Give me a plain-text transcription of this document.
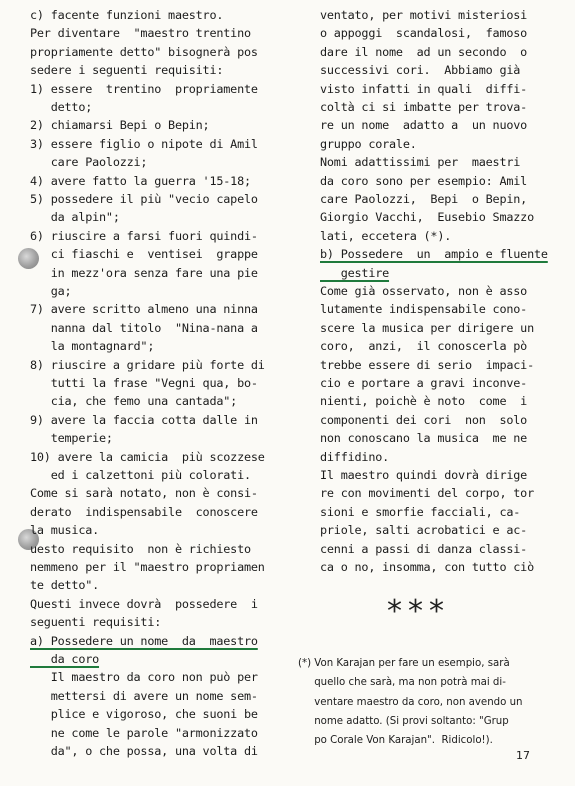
c) facente funzioni maestro.
Per diventare  "maestro trentino
propriamente detto" bisognerà pos
sedere i seguenti requisiti:
1) essere  trentino  propriamente
detto;
2) chiamarsi Bepi o Bepin;
3) essere figlio o nipote di Amil
care Paolozzi;
4) avere fatto la guerra '15-18;
5) possedere il più "vecio capelo
da alpin";
6) riuscire a farsi fuori quindi-
ci fiaschi e  ventisei  grappe
in mezz'ora senza fare una pie
ga;
7) avere scritto almeno una ninna
nanna dal titolo  "Nina-nana a
la montagnard";
8) riuscire a gridare più forte di
tutti la frase "Vegni qua, bo-
cia, che femo una cantada";
9) avere la faccia cotta dalle in
temperie;
10) avere la camicia  più scozzese
ed i calzettoni più colorati.
Come si sarà notato, non è consi-
derato  indispensabile  conoscere
la musica.
uesto requisito  non è richiesto
nemmeno per il "maestro propriamen
te detto".
Questi invece dovrà  possedere  i
seguenti requisiti:
a) Possedere un nome  da  maestro
da coro
Il maestro da coro non può per
mettersi di avere un nome sem-
plice e vigoroso, che suoni be
ne come le parole "armonizzato
da", o che possa, una volta di
ventato, per motivi misteriosi
o appoggi  scandalosi,  famoso
dare il nome  ad un secondo  o
successivi cori.  Abbiamo già
visto infatti in quali  diffi-
coltà ci si imbatte per trova-
re un nome  adatto a  un nuovo
gruppo corale.
Nomi adattissimi per  maestri
da coro sono per esempio: Amil
care Paolozzi,  Bepi  o Bepin,
Giorgio Vacchi,  Eusebio Smazzo
lati, eccetera (*).
b) Possedere  un  ampio e fluente
gestire
Come già osservato, non è asso
lutamente indispensabile cono-
scere la musica per dirigere un
coro,  anzi,  il conoscerla pò
trebbe essere di serio  impaci-
cio e portare a gravi inconve-
nienti, poichè è noto  come  i
componenti dei cori  non  solo
non conoscano la musica  me ne
diffidino.
Il maestro quindi dovrà dirige
re con movimenti del corpo, tor
sioni e smorfie facciali, ca-
priole, salti acrobatici e ac-
cenni a passi di danza classi-
ca o no, insomma, con tutto ciò
***
(*) Von Karajan per fare un esempio, sarà
quello che sarà, ma non potrà mai di-
ventare maestro da coro, non avendo un
nome adatto. (Si provi soltanto: "Grup
po Corale Von Karajan".  Ridicolo!).
17
